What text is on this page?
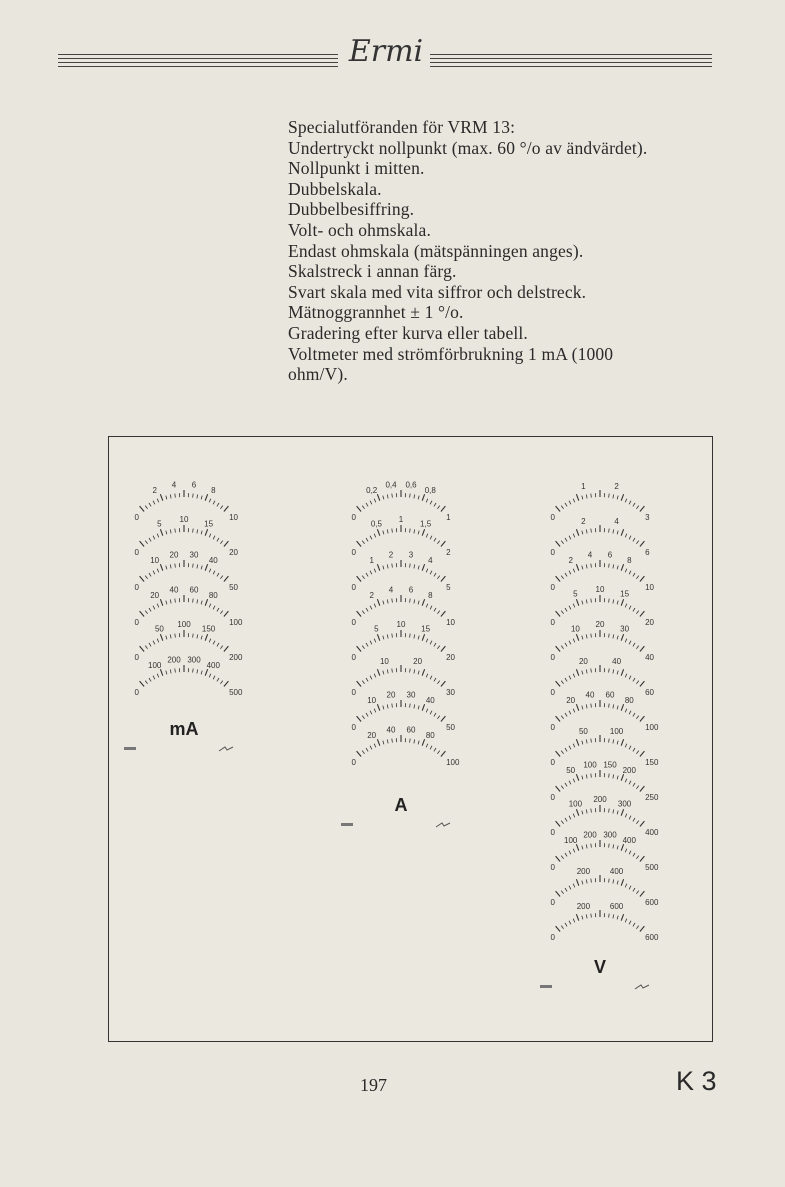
Ermi
Specialutföranden för VRM 13:
Undertryckt nollpunkt (max. 60 °/o av ändvärdet).
Nollpunkt i mitten.
Dubbelskala.
Dubbelbesiffring.
Volt- och ohmskala.
Endast ohmskala (mätspänningen anges).
Skalstreck i annan färg.
Svart skala med vita siffror och delstreck.
Mätnoggrannhet ± 1 °/o.
Gradering efter kurva eller tabell.
Voltmeter med strömförbrukning 1 mA (1000
ohm/V).
0	10
2
4 6
8
0	20
5 10 15
0	50
10
20 30
40
0	100
20
40 60
80
0	200
50 100 150
0	500
100
200 300
400
mA
0	1
0,2
0,4 0,6
0,8
0	2
0,5 1 1,5
0	5
1
2 3
4
0	10
2
4 6
8
0	20
5 10 15
0	30
10	20
0	50
10
20 30
40
0	100
20
40 60
80
A
0	3
1	2
0	6
2	4
0	10
2
4 6
8
0	20
5 10 15
0	40
10 20 30
0	60
20	40
0	100
20
40 60
80
0	150
50	100
0	250
50
100 150
200
0	400
100 200 300
0	500
100
200 300
400
0	600
200 400
0	600
200 600
V
197	K 3
